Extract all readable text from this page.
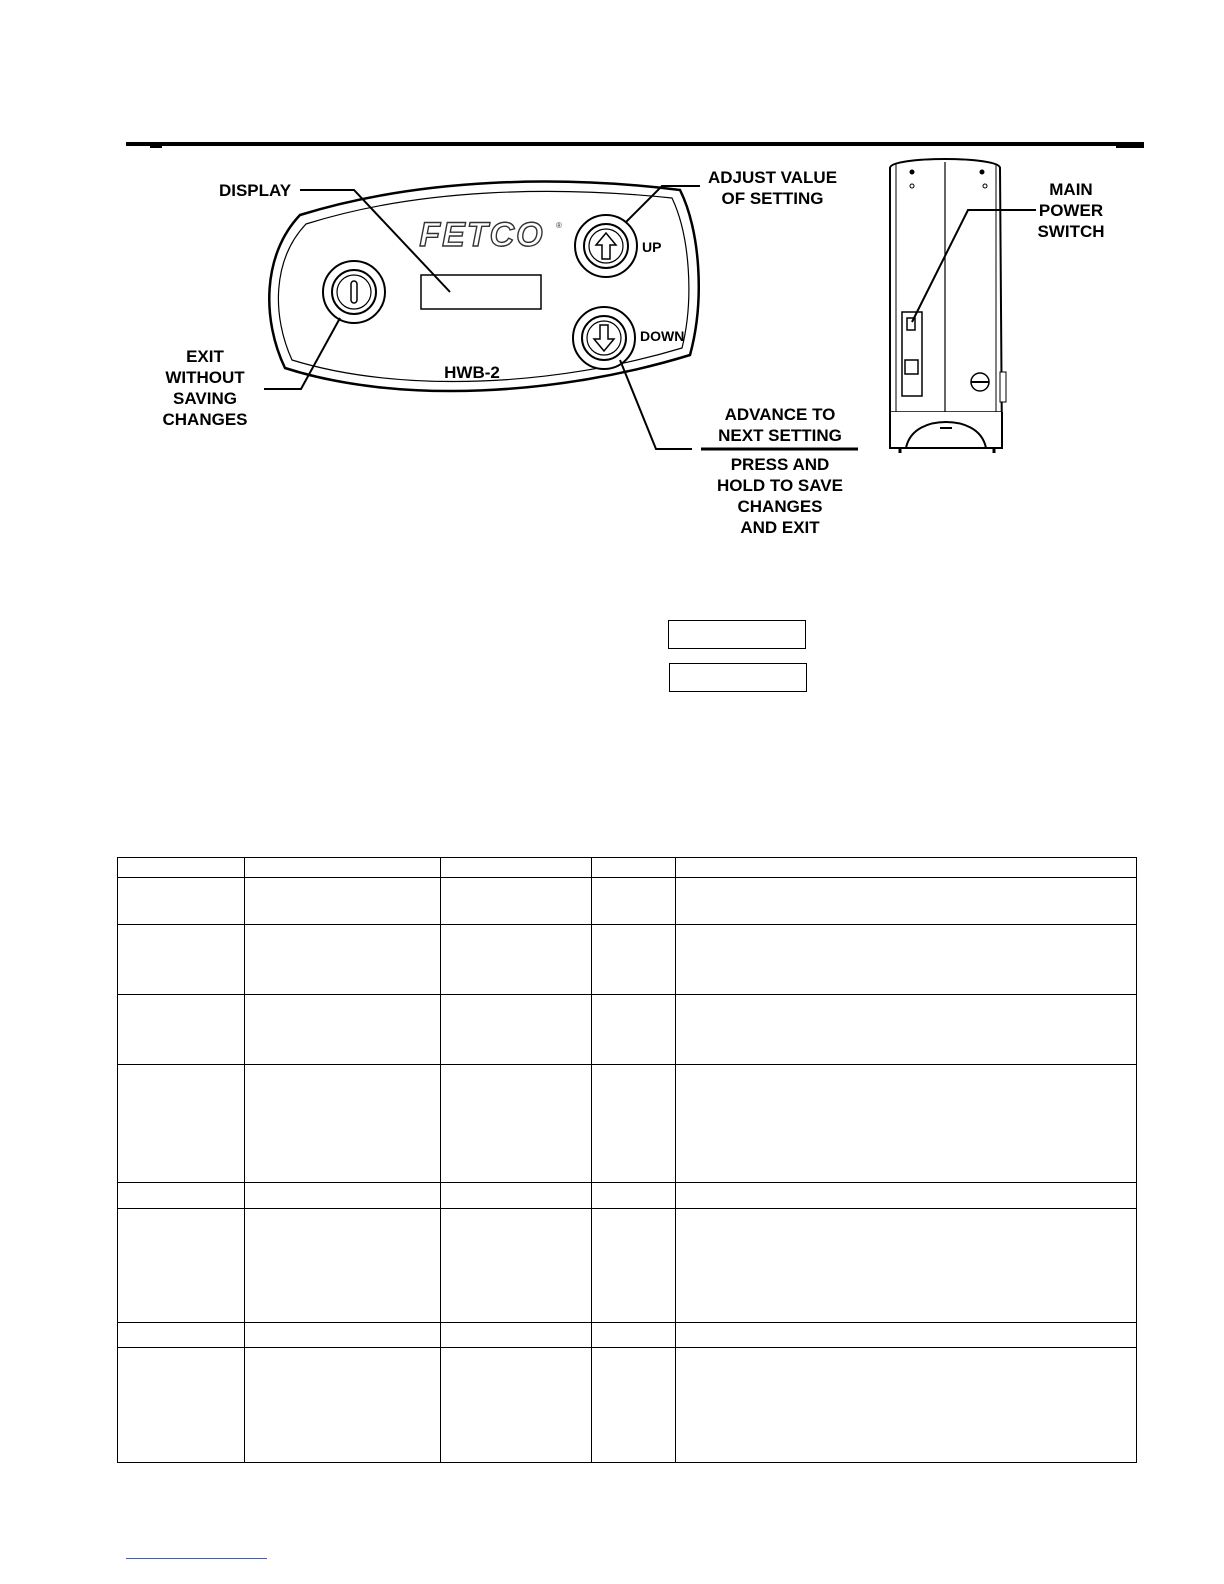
FETCO ®
UP
DOWN
HWB-2
DISPLAY
ADJUST VALUE
OF SETTING
EXIT
WITHOUT
SAVING
CHANGES	ADVANCE TO
NEXT SETTING
PRESS AND
HOLD TO SAVE
CHANGES
AND EXIT
MAIN
POWER
SWITCH
